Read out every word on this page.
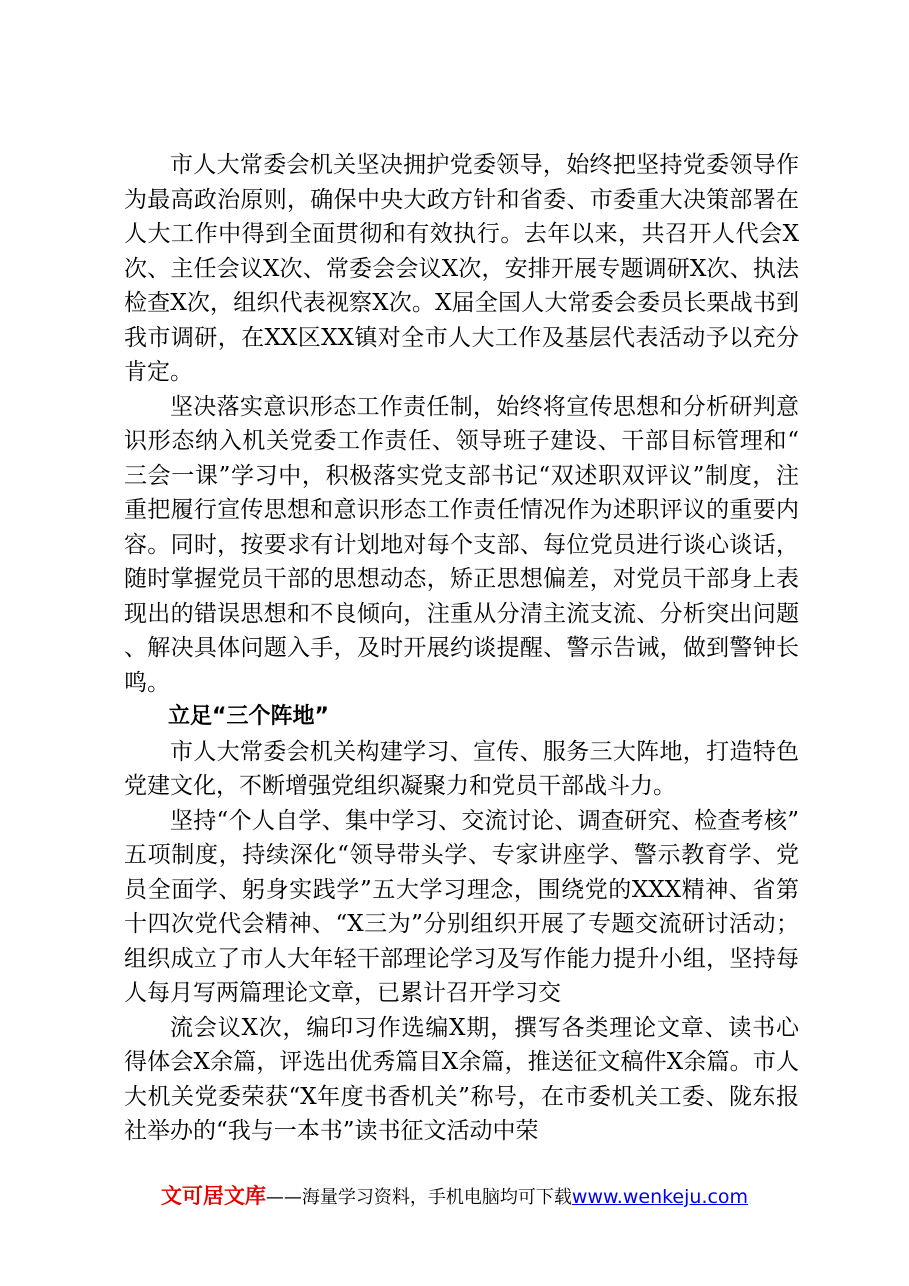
市人大常委会机关坚决拥护党委领导，始终把坚持党委领导作为最高政治原则，确保中央大政方针和省委、市委重大决策部署在人大工作中得到全面贯彻和有效执行。去年以来，共召开人代会X次、主任会议X次、常委会会议X次，安排开展专题调研X次、执法检查X次，组织代表视察X次。X届全国人大常委会委员长栗战书到我市调研，在XX区XX镇对全市人大工作及基层代表活动予以充分肯定。

坚决落实意识形态工作责任制，始终将宣传思想和分析研判意识形态纳入机关党委工作责任、领导班子建设、干部目标管理和“三会一课”学习中，积极落实党支部书记“双述职双评议”制度，注重把履行宣传思想和意识形态工作责任情况作为述职评议的重要内容。同时，按要求有计划地对每个支部、每位党员进行谈心谈话，随时掌握党员干部的思想动态，矫正思想偏差，对党员干部身上表现出的错误思想和不良倾向，注重从分清主流支流、分析突出问题、解决具体问题入手，及时开展约谈提醒、警示告诫，做到警钟长鸣。

立足“三个阵地”

市人大常委会机关构建学习、宣传、服务三大阵地，打造特色党建文化，不断增强党组织凝聚力和党员干部战斗力。

坚持“个人自学、集中学习、交流讨论、调查研究、检查考核”五项制度，持续深化“领导带头学、专家讲座学、警示教育学、党员全面学、躬身实践学”五大学习理念，围绕党的XXX精神、省第十四次党代会精神、“X三为”分别组织开展了专题交流研讨活动；组织成立了市人大年轻干部理论学习及写作能力提升小组，坚持每人每月写两篇理论文章，已累计召开学习交

流会议X次，编印习作选编X期，撰写各类理论文章、读书心得体会X余篇，评选出优秀篇目X余篇，推送征文稿件X余篇。市人大机关党委荣获“X年度书香机关”称号，在市委机关工委、陇东报社举办的“我与一本书”读书征文活动中荣

文可居文库——海量学习资料，手机电脑均可下载www.wenkeju.com
